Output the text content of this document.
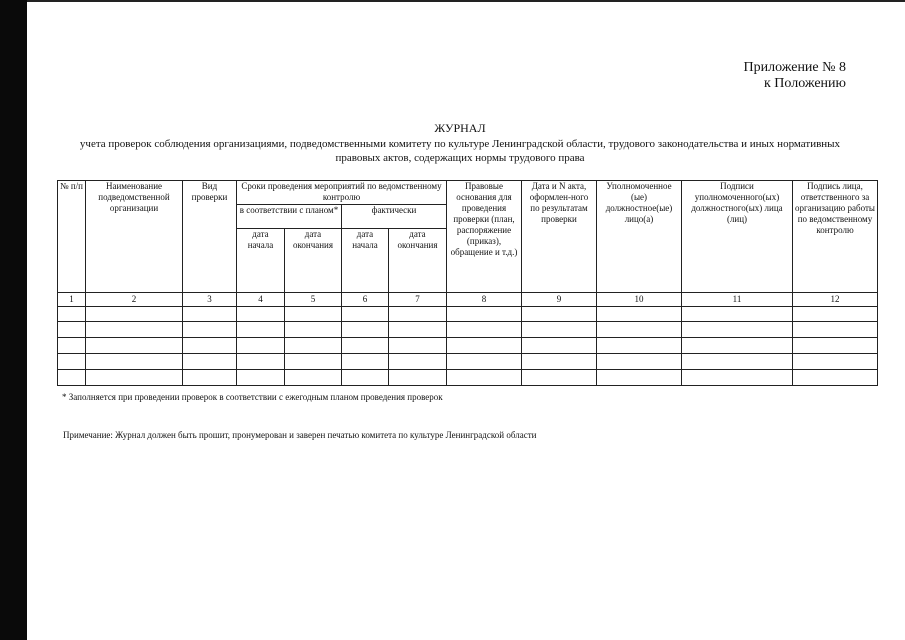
Приложение № 8
к Положению
ЖУРНАЛ
учета проверок соблюдения организациями, подведомственными комитету по культуре Ленинградской области, трудового законодательства и иных нормативных правовых актов, содержащих нормы трудового права
№ п/п	Наименование подведомственной организации	Вид проверки	Сроки проведения мероприятий по ведомственному контролю				Правовые основания для проведения проверки (план, распоряжение (приказ), обращение и т.д.)	Дата и N акта, оформлен-ного по результатам проверки	Уполномоченное (ые) должностное(ые) лицо(а)	Подписи уполномоченного(ых) должностного(ых) лица (лиц)	Подпись лица, ответственного за организацию работы по ведомственному контролю
			в соответствии с планом*		фактически						
			дата начала	дата окончания	дата начала	дата окончания					
1	2	3	4	5	6	7	8	9	10	11	12

* Заполняется при проведении проверок в соответствии с ежегодным планом проведения проверок
Примечание: Журнал должен быть прошит, пронумерован и заверен печатью комитета по культуре Ленинградской области
